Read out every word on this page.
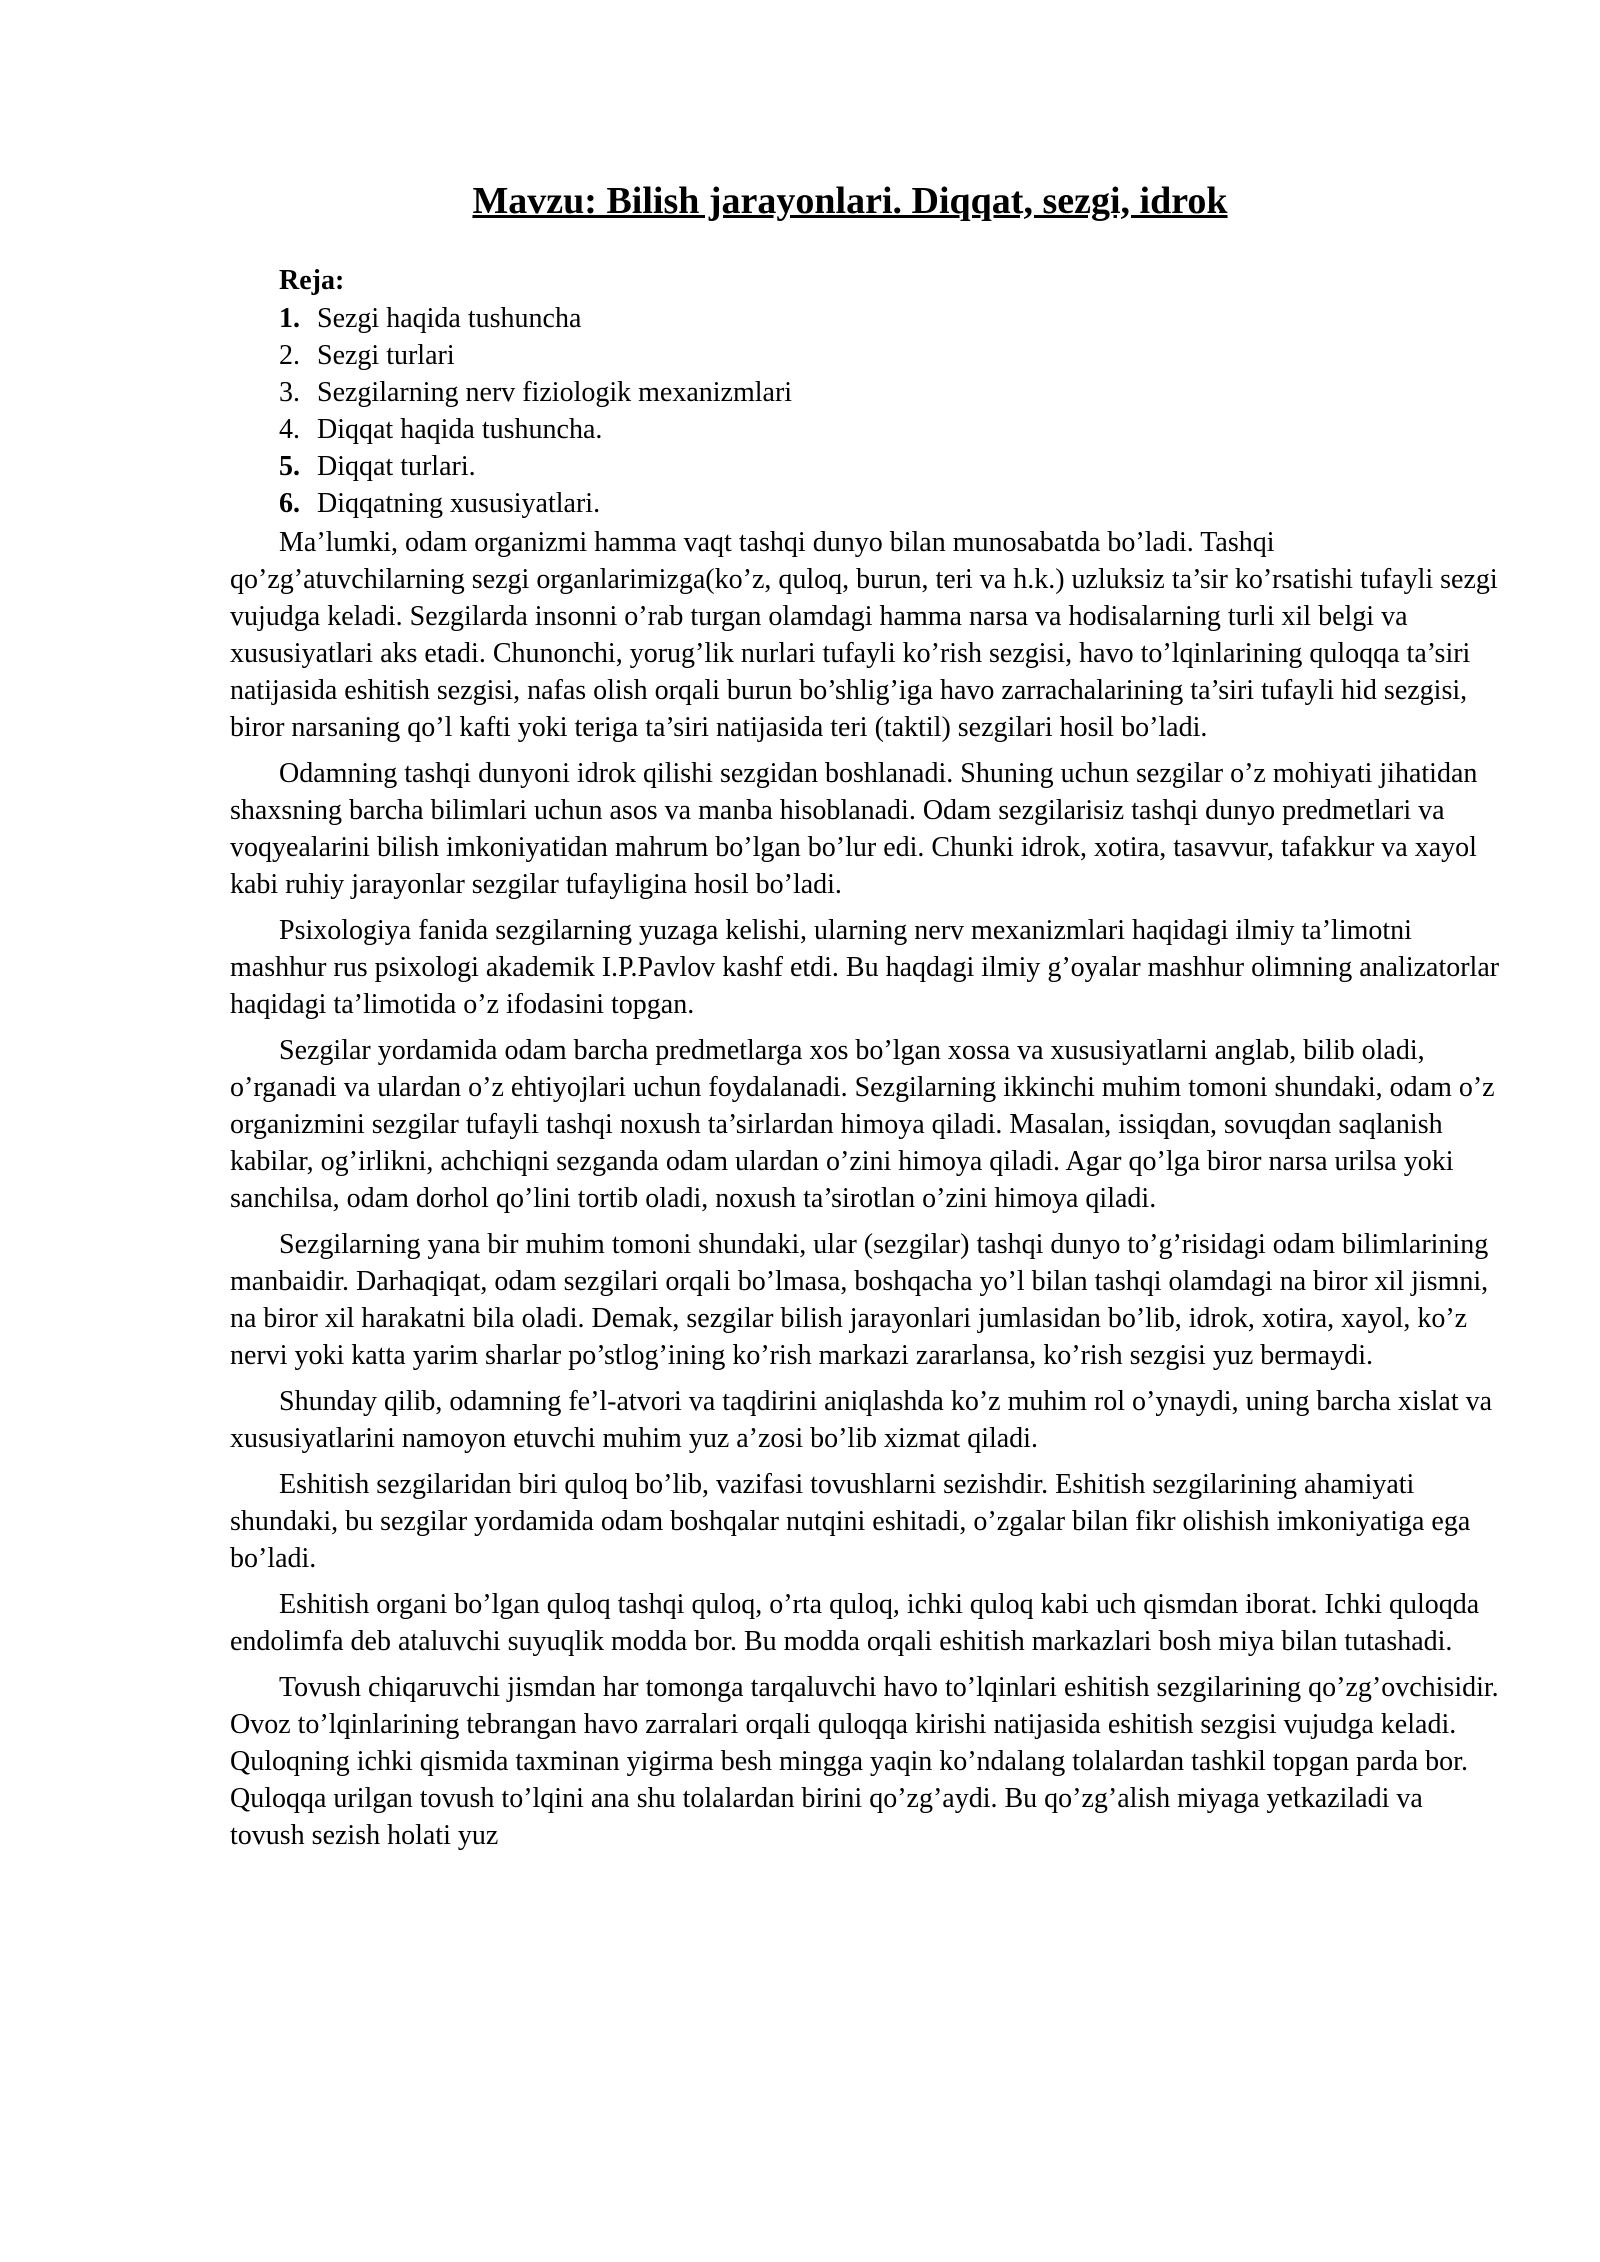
Mavzu: Bilish jarayonlari. Diqqat, sezgi, idrok
Reja:
1. Sezgi haqida tushuncha
2. Sezgi turlari
3. Sezgilarning nerv fiziologik mexanizmlari
4. Diqqat haqida tushuncha.
5. Diqqat turlari.
6. Diqqatning xususiyatlari.

Ma’lumki, odam organizmi hamma vaqt tashqi dunyo bilan munosabatda bo’ladi. Tashqi qo’zg’atuvchilarning sezgi organlarimizga(ko’z, quloq, burun, teri va h.k.) uzluksiz ta’sir ko’rsatishi tufayli sezgi vujudga keladi. Sezgilarda insonni o’rab turgan olamdagi hamma narsa va hodisalarning turli xil belgi va xususiyatlari aks etadi. Chunonchi, yorug’lik nurlari tufayli ko’rish sezgisi, havo to’lqinlarining quloqqa ta’siri natijasida eshitish sezgisi, nafas olish orqali burun bo’shlig’iga havo zarrachalarining ta’siri tufayli hid sezgisi, biror narsaning qo’l kafti yoki teriga ta’siri natijasida teri (taktil) sezgilari hosil bo’ladi.

Odamning tashqi dunyoni idrok qilishi sezgidan boshlanadi. Shuning uchun sezgilar o’z mohiyati jihatidan shaxsning barcha bilimlari uchun asos va manba hisoblanadi. Odam sezgilarisiz tashqi dunyo predmetlari va voqyealarini bilish imkoniyatidan mahrum bo’lgan bo’lur edi. Chunki idrok, xotira, tasavvur, tafakkur va xayol kabi ruhiy jarayonlar sezgilar tufayligina hosil bo’ladi.

Psixologiya fanida sezgilarning yuzaga kelishi, ularning nerv mexanizmlari haqidagi ilmiy ta’limotni mashhur rus psixologi akademik I.P.Pavlov kashf etdi. Bu haqdagi ilmiy g’oyalar mashhur olimning analizatorlar haqidagi ta’limotida o’z ifodasini topgan.

Sezgilar yordamida odam barcha predmetlarga xos bo’lgan xossa va xususiyatlarni anglab, bilib oladi, o’rganadi va ulardan o’z ehtiyojlari uchun foydalanadi. Sezgilarning ikkinchi muhim tomoni shundaki, odam o’z organizmini sezgilar tufayli tashqi noxush ta’sirlardan himoya qiladi. Masalan, issiqdan, sovuqdan saqlanish kabilar, og’irlikni, achchiqni sezganda odam ulardan o’zini himoya qiladi. Agar qo’lga biror narsa urilsa yoki sanchilsa, odam dorhol qo’lini tortib oladi, noxush ta’sirotlan o’zini himoya qiladi.

Sezgilarning yana bir muhim tomoni shundaki, ular (sezgilar) tashqi dunyo to’g’risidagi odam bilimlarining manbaidir. Darhaqiqat, odam sezgilari orqali bo’lmasa, boshqacha yo’l bilan tashqi olamdagi na biror xil jismni, na biror xil harakatni bila oladi. Demak, sezgilar bilish jarayonlari jumlasidan bo’lib, idrok, xotira, xayol, ko’z nervi yoki katta yarim sharlar po’stlog’ining ko’rish markazi zararlansa, ko’rish sezgisi yuz bermaydi.

Shunday qilib, odamning fe’l-atvori va taqdirini aniqlashda ko’z muhim rol o’ynaydi, uning barcha xislat va xususiyatlarini namoyon etuvchi muhim yuz a’zosi bo’lib xizmat qiladi.

Eshitish sezgilaridan biri quloq bo’lib, vazifasi tovushlarni sezishdir. Eshitish sezgilarining ahamiyati shundaki, bu sezgilar yordamida odam boshqalar nutqini eshitadi, o’zgalar bilan fikr olishish imkoniyatiga ega bo’ladi.

Eshitish organi bo’lgan quloq tashqi quloq, o’rta quloq, ichki quloq kabi uch qismdan iborat. Ichki quloqda endolimfa deb ataluvchi suyuqlik modda bor. Bu modda orqali eshitish markazlari bosh miya bilan tutashadi.

Tovush chiqaruvchi jismdan har tomonga tarqaluvchi havo to’lqinlari eshitish sezgilarining qo’zg’ovchisidir. Ovoz to’lqinlarining tebrangan havo zarralari orqali quloqqa kirishi natijasida eshitish sezgisi vujudga keladi. Quloqning ichki qismida taxminan yigirma besh mingga yaqin ko’ndalang tolalardan tashkil topgan parda bor. Quloqqa urilgan tovush to’lqini ana shu tolalardan birini qo’zg’aydi. Bu qo’zg’alish miyaga yetkaziladi va tovush sezish holati yuz
